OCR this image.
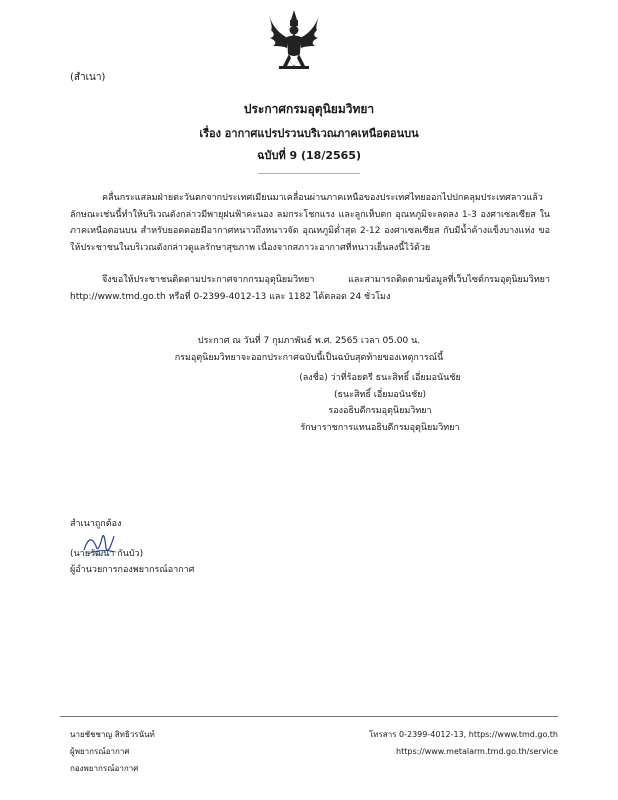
(สำเนา)
ประกาศกรมอุตุนิยมวิทยา
เรื่อง อากาศแปรปรวนบริเวณภาคเหนือตอนบน
ฉบับที่ 9 (18/2565)

คลื่นกระแสลมฝ่ายตะวันตกจากประเทศเมียนมาเคลื่อนผ่านภาคเหนือของประเทศไทยออกไปปกคลุมประเทศลาวแล้ว ลักษณะเช่นนี้ทำให้บริเวณดังกล่าวมีพายุฝนฟ้าคะนอง ลมกระโชกแรง และลูกเห็บตก อุณหภูมิจะลดลง 1-3 องศาเซลเซียส ในภาคเหนือตอนบน สำหรับยอดดอยมีอากาศหนาวถึงหนาวจัด อุณหภูมิต่ำสุด 2-12 องศาเซลเซียส กับมีน้ำค้างแข็งบางแห่ง ขอให้ประชาชนในบริเวณดังกล่าวดูแลรักษาสุขภาพ เนื่องจากสภาวะอากาศที่หนาวเย็นลงนี้ไว้ด้วย

จึงขอให้ประชาชนติดตามประกาศจากกรมอุตุนิยมวิทยา และสามารถติดตามข้อมูลที่เว็บไซต์กรมอุตุนิยมวิทยา http://www.tmd.go.th หรือที่ 0-2399-4012-13 และ 1182 ได้ตลอด 24 ชั่วโมง

ประกาศ ณ วันที่ 7 กุมภาพันธ์ พ.ศ. 2565 เวลา 05.00 น.
กรมอุตุนิยมวิทยาจะออกประกาศฉบับนี้เป็นฉบับสุดท้ายของเหตุการณ์นี้
(ลงชื่อ) ว่าที่ร้อยตรี ธนะสิทธิ์ เอี่ยมอนันชัย
(ธนะสิทธิ์ เอี่ยมอนันชัย)
รองอธิบดีกรมอุตุนิยมวิทยา
รักษาราชการแทนอธิบดีกรมอุตุนิยมวิทยา
สำเนาถูกต้อง
(นายวัฒนา กันบัว)
ผู้อำนวยการกองพยากรณ์อากาศ
นายชัชชาญ สิทธิวรนันท์
ผู้พยากรณ์อากาศ
กองพยากรณ์อากาศ
โทรสาร 0-2399-4012-13, https://www.tmd.go.th
https://www.metalarm.tmd.go.th/service
